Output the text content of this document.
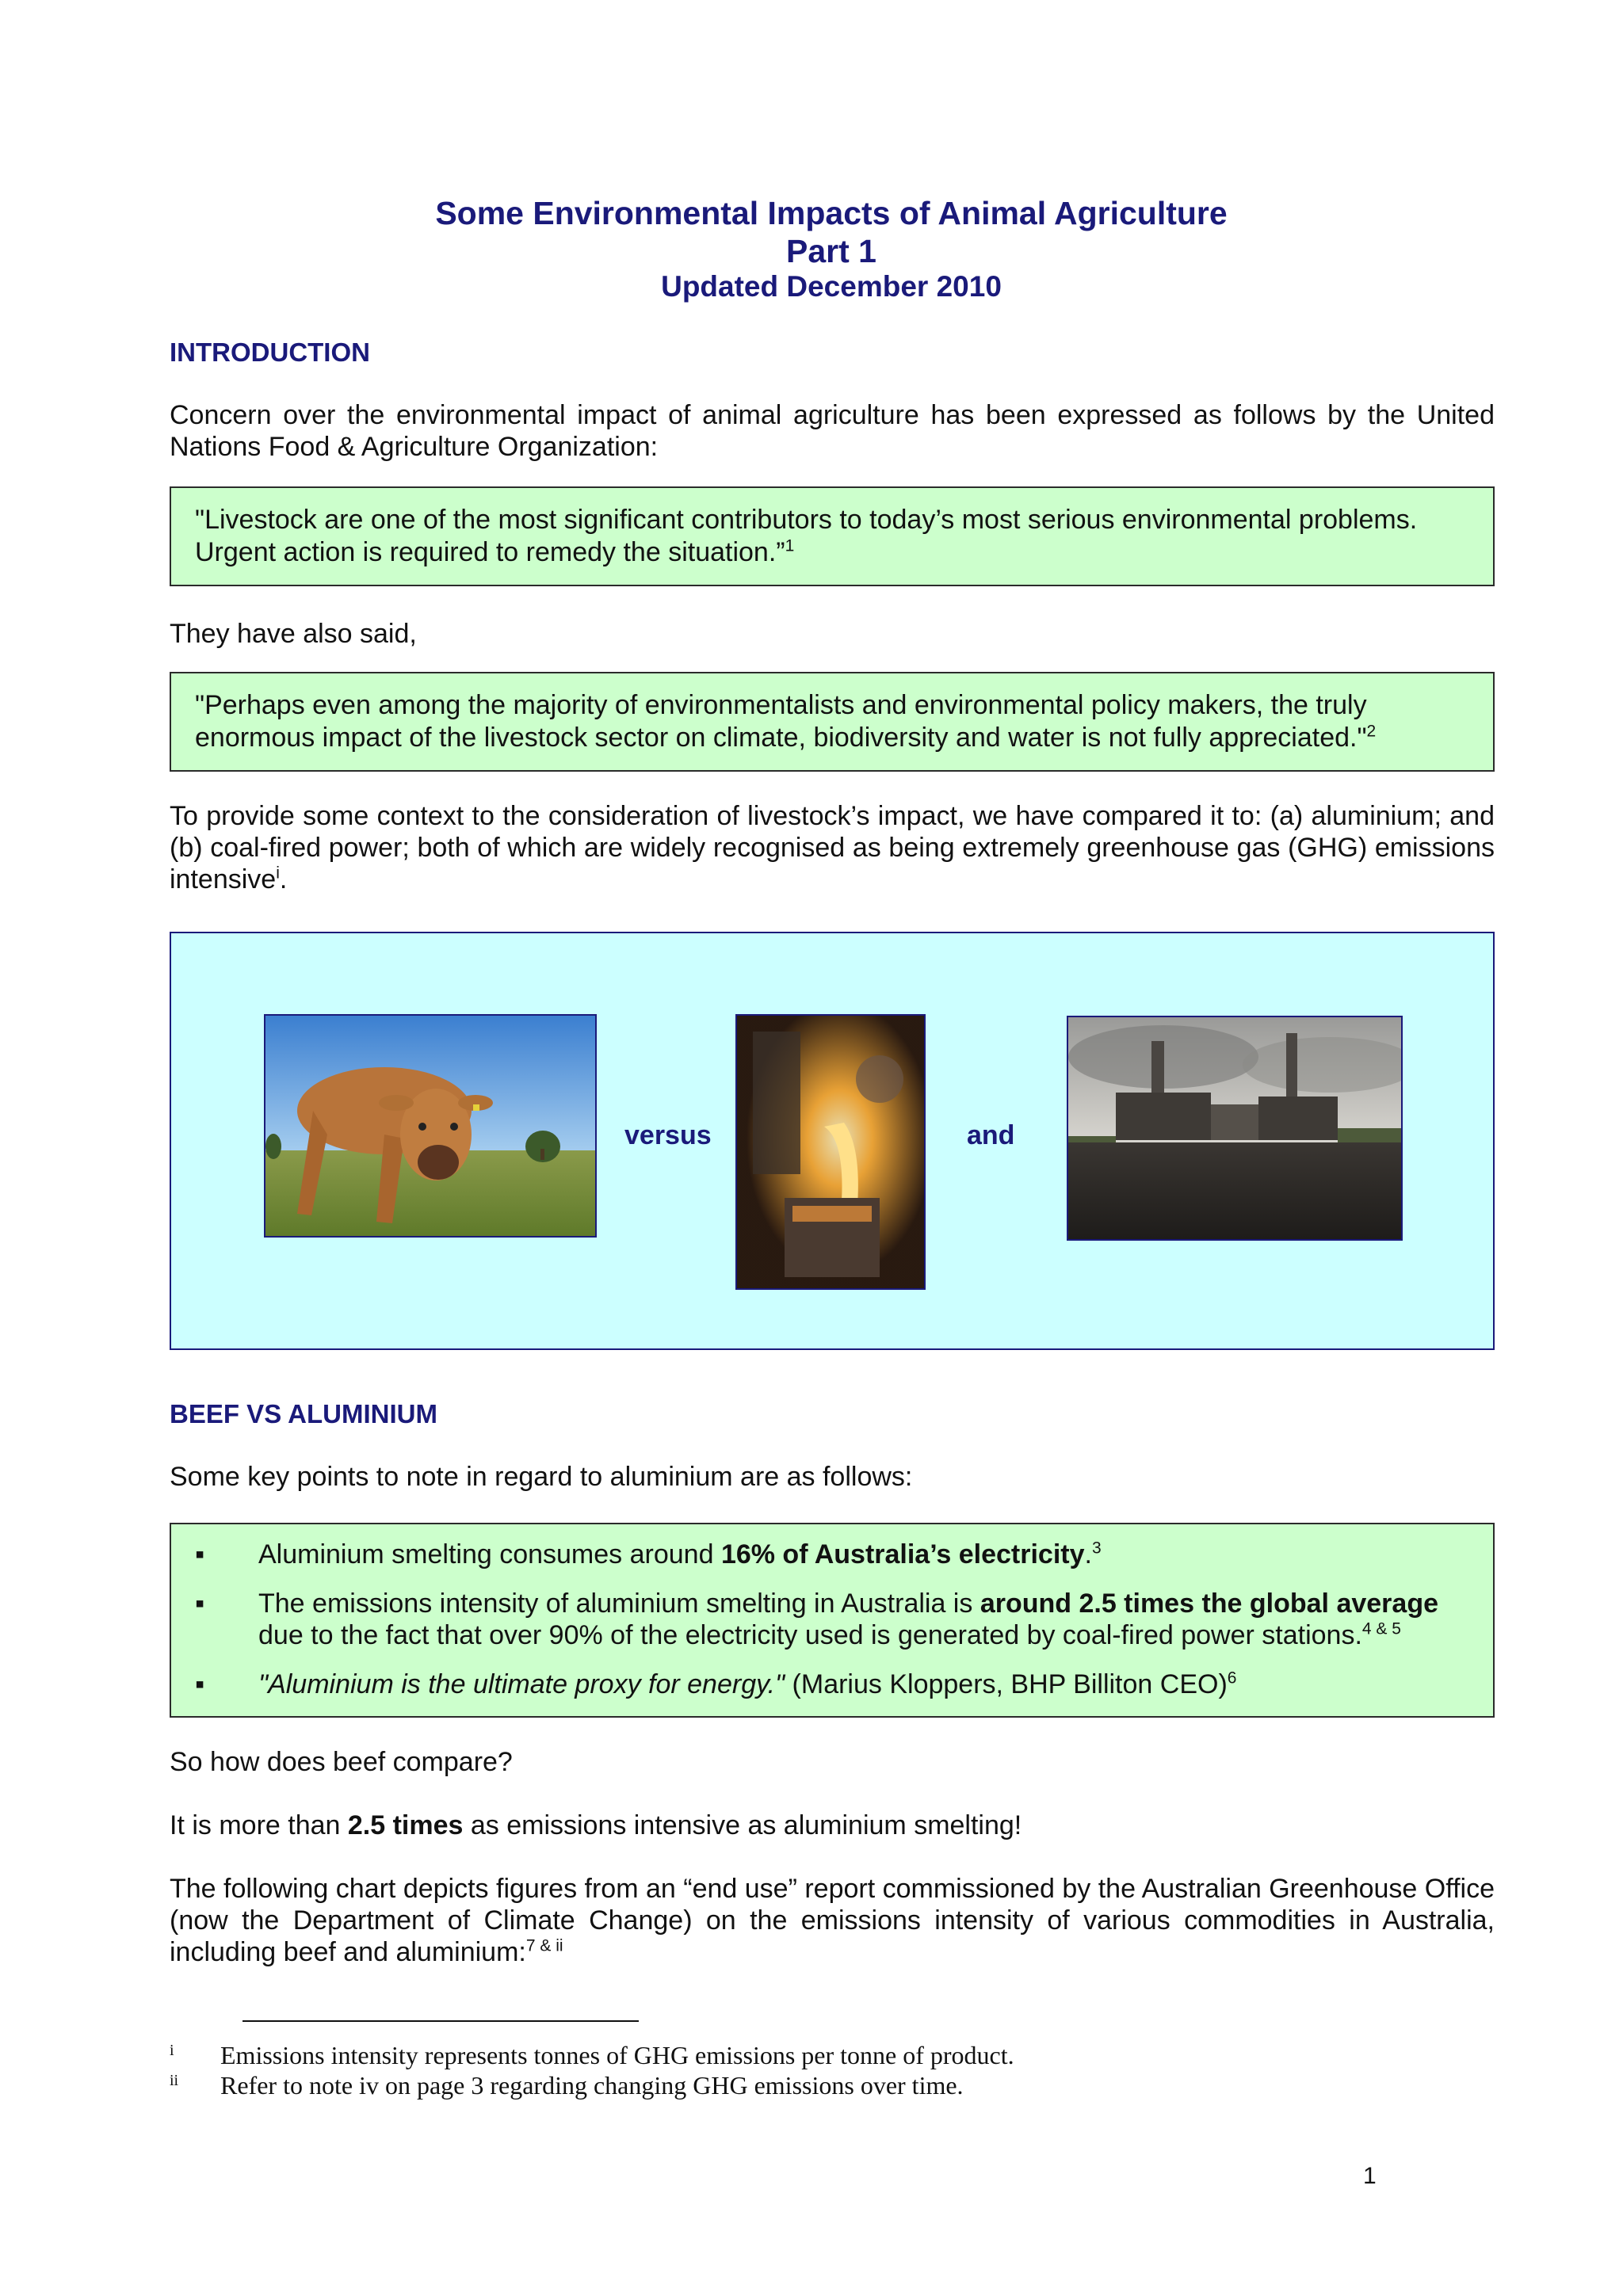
Some Environmental Impacts of Animal Agriculture
Part 1
Updated December 2010
INTRODUCTION
Concern over the environmental impact of animal agriculture has been expressed as follows by the United Nations Food & Agriculture Organization:
"Livestock are one of the most significant contributors to today’s most serious environmental problems. Urgent action is required to remedy the situation.”$^1$
They have also said,
"Perhaps even among the majority of environmentalists and environmental policy makers, the truly enormous impact of the livestock sector on climate, biodiversity and water is not fully appreciated."$^2$
To provide some context to the consideration of livestock’s impact, we have compared it to: (a) aluminium; and (b) coal-fired power; both of which are widely recognised as being extremely greenhouse gas (GHG) emissions intensive$^i$.
versus	and
BEEF VS ALUMINIUM
Some key points to note in regard to aluminium are as follows:
▪ Aluminium smelting consumes around 16% of Australia’s electricity.$^3$
▪ The emissions intensity of aluminium smelting in Australia is around 2.5 times the global average due to the fact that over 90% of the electricity used is generated by coal-fired power stations.$^{4 \& 5}$
▪ "Aluminium is the ultimate proxy for energy." (Marius Kloppers, BHP Billiton CEO)$^6$
So how does beef compare?
It is more than 2.5 times as emissions intensive as aluminium smelting!
The following chart depicts figures from an “end use” report commissioned by the Australian Greenhouse Office (now the Department of Climate Change) on the emissions intensity of various commodities in Australia, including beef and aluminium:$^{7 \& ii}$
i Emissions intensity represents tonnes of GHG emissions per tonne of product.
ii Refer to note iv on page 3 regarding changing GHG emissions over time.
1
